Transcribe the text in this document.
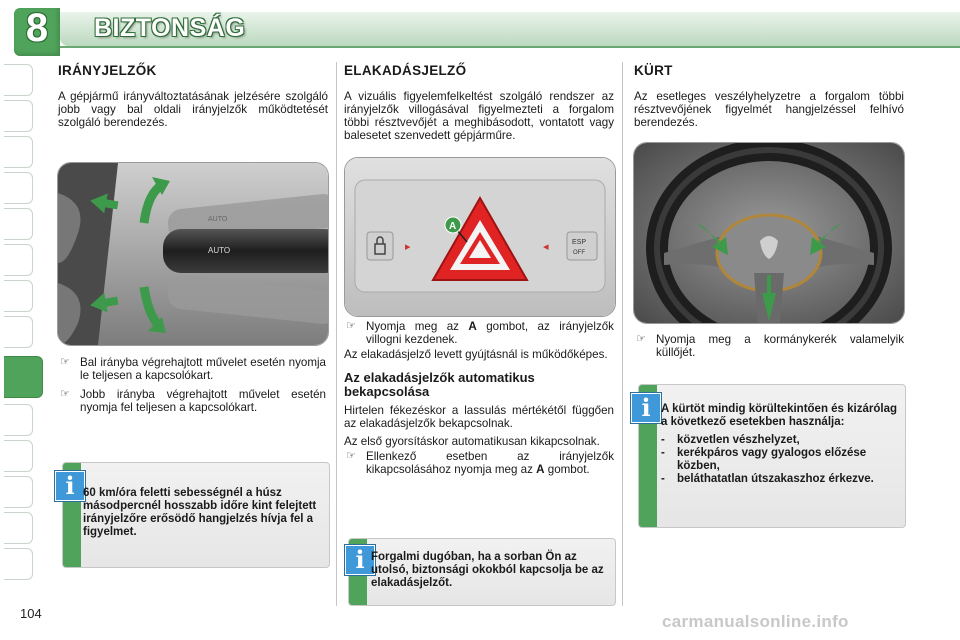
8	BIZTONSÁG
IRÁNYJELZŐK

A gépjármű irányváltoztatásának jelzésére szolgáló jobb vagy bal oldali irányjelzők működtetését szolgáló berendezés.

AUTO
AUTO

☞ Bal irányba végrehajtott művelet esetén nyomja le teljesen a kapcsolókart.

☞ Jobb irányba végrehajtott művelet esetén nyomja fel teljesen a kapcsolókart.

i 60 km/óra feletti sebességnél a húsz másodpercnél hosszabb időre kint felejtett irányjelzőre erősödő hangjelzés hívja fel a figyelmet.
ELAKADÁSJELZŐ

A vizuális figyelemfelkeltést szolgáló rendszer az irányjelzők villogásával figyelmezteti a forgalom többi résztvevőjét a meghibásodott, vontatott vagy balesetet szenvedett gépjárműre.

▸
A
◂	ESP
OFF

☞ Nyomja meg az A gombot, az irányjelzők villogni kezdenek.

Az elakadásjelző levett gyújtásnál is működőképes.

Az elakadásjelzők automatikus bekapcsolása

Hirtelen fékezéskor a lassulás mértékétől függően az elakadásjelzők bekapcsolnak.

Az első gyorsításkor automatikusan kikapcsolnak.

☞ Ellenkező esetben az irányjelzők kikapcsolásához nyomja meg az A gombot.

i Forgalmi dugóban, ha a sorban Ön az utolsó, biztonsági okokból kapcsolja be az elakadásjelzőt.
KÜRT

Az esetleges veszélyhelyzetre a forgalom többi résztvevőjének figyelmét hangjelzéssel felhívó berendezés.

☞ Nyomja meg a kormánykerék valamelyik küllőjét.

i A kürtöt mindig körültekintően és kizárólag a következő esetekben használja:
- közvetlen vészhelyzet,
- kerékpáros vagy gyalogos előzése közben,
- beláthatatlan útszakaszhoz érkezve.
104	carmanualsonline.info
